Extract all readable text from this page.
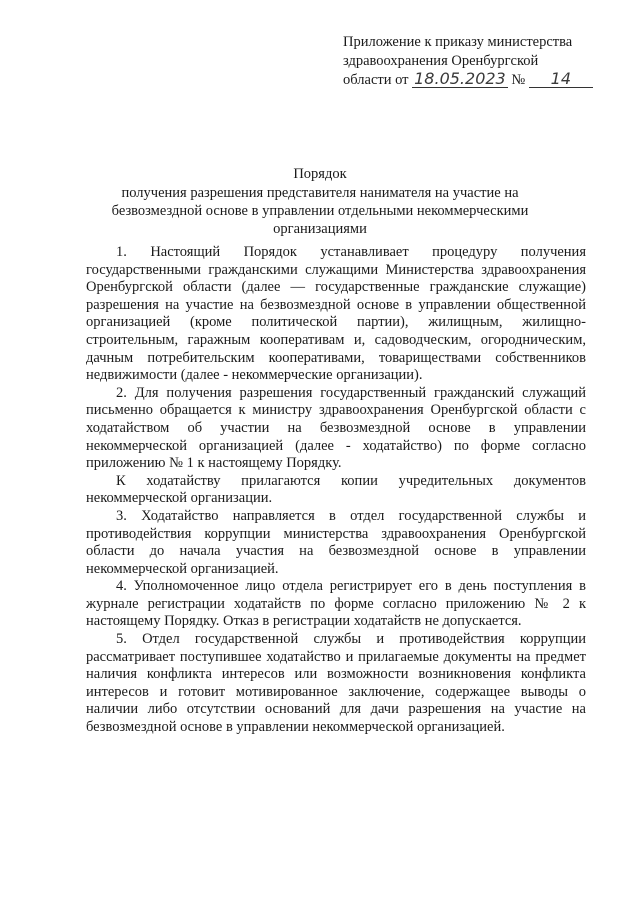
Приложение к приказу министерства
здравоохранения Оренбургской
области от 18.05.2023 № 14
Порядок
получения разрешения представителя нанимателя на участие на безвозмездной основе в управлении отдельными некоммерческими организациями

1. Настоящий Порядок устанавливает процедуру получения государственными гражданскими служащими Министерства здравоохранения Оренбургской области (далее — государственные гражданские служащие) разрешения на участие на безвозмездной основе в управлении общественной организацией (кроме политической партии), жилищным, жилищно-строительным, гаражным кооперативам и, садоводческим, огородническим, дачным потребительским кооперативами, товариществами собственников недвижимости (далее - некоммерческие организации).

2. Для получения разрешения государственный гражданский служащий письменно обращается к министру здравоохранения Оренбургской области с ходатайством об участии на безвозмездной основе в управлении некоммерческой организацией (далее - ходатайство) по форме согласно приложению № 1 к настоящему Порядку.

К ходатайству прилагаются копии учредительных документов некоммерческой организации.

3. Ходатайство направляется в отдел государственной службы и противодействия коррупции министерства здравоохранения Оренбургской области до начала участия на безвозмездной основе в управлении некоммерческой организацией.

4. Уполномоченное лицо отдела регистрирует его в день поступления в журнале регистрации ходатайств по форме согласно приложению № 2 к настоящему Порядку. Отказ в регистрации ходатайств не допускается.

5. Отдел государственной службы и противодействия коррупции рассматривает поступившее ходатайство и прилагаемые документы на предмет наличия конфликта интересов или возможности возникновения конфликта интересов и готовит мотивированное заключение, содержащее выводы о наличии либо отсутствии оснований для дачи разрешения на участие на безвозмездной основе в управлении некоммерческой организацией.
